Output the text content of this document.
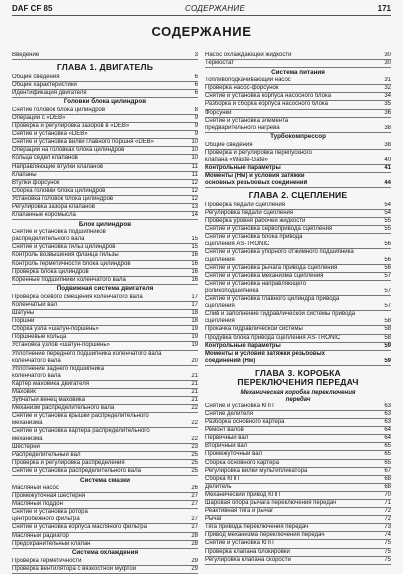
DAF CF 85	СОДЕРЖАНИЕ	171
СОДЕРЖАНИЕ
Введение	3
ГЛАВА 1. ДВИГАТЕЛЬ
Общие сведения	6
Общие характеристики	6
Идентификация двигателя	6
Головки блока цилиндров
Снятие головок блока цилиндров	8
Операции с «DEB»	9
Проверка и регулировка зазоров в «DEB»	9
Снятие и установка «DEB»	9
Снятие и установка вилки главного поршня «DEB»	10
Операции на головках блока цилиндров	10
Кольца сёдел клапанов	10
Направляющие втулки клапанов	11
Клапаны	11
Втулки форсунок	12
Сборка головки блока цилиндров	12
Установка головок блока цилиндров	12
Регулировка зазора клапанов	13
Клапанные коромысла	14
Блок цилиндров
Снятие и установка подшипников
распределительного вала	15
Снятие и установка гильз цилиндров	15
Контроль возвышения фланца гильзы	16
Контроль герметичности блока цилиндров	16
Проверка блока цилиндров	16
Коренные подшипники коленчатого вала	16
Подвижная система двигателя
Проверка осевого смещения коленчатого вала	17
Коленчатый вал	17
Шатуны	18
Поршни	18
Сборка узла «шатун-поршень»	19
Поршневые кольца	19
Установка узлов «шатун-поршень»	19
Уплотнение переднего подшипника коленчатого вала
коленчатого вала	20
Уплотнение заднего подшипника
коленчатого вала	21
Картер маховика двигателя	21
Маховик	21
Зубчатый венец маховика	21
Механизм распределительного вала	22
Снятие и установка крышки распределительного
механизма	22
Снятие и установка картера распределительного
механизма	22
Шестерни	23
Распределительный вал	25
Проверка и регулировка распределения	25
Снятие и установка распределительного вала	25
Система смазки
Масляный насос	26
Промежуточная шестерня	27
Масляный поддон	27
Снятие и установка ротора
центробежного фильтра	27
Снятие и установка корпуса масляного фильтра	27
Масляный радиатор	28
Предохранительный клапан	28
Система охлаждения
Проверка герметичности	29
Проверка вентилятора с вязкостной муфтой	29
Насос охлаждающей жидкости	30
Термостат	30
Система питания
Топливоподкачивающий насос	31
Проверка насос-форсунок	32
Снятие и установка корпуса насосного блока	34
Разборка и сборка корпуса насосного блока	35
Форсунки	36
Снятие и установка элемента
предварительного нагрева	38
Турбокомпрессор
Общие сведения	38
Проверка и регулировка перепускного
клапана «Waste-Gate»	40
Контрольные параметры	41
Моменты (Нм) и условия затяжки
основных резьбовых соединений	44
ГЛАВА 2. СЦЕПЛЕНИЕ
Проверка педали сцепления	54
Регулировка педали сцепления	54
Проверка уровня рабочей жидкости	55
Снятие и установка сервопривода сцепления	55
Снятие и установка блока привода
сцепления AS-TRONIC	56
Снятие и установка упорного отжимного подшипника
сцепления	56
Снятие и установка рычага привода сцепления	56
Снятие и установка механизма сцепления	57
Снятие и установка направляющего
роликоподшипника	57
Снятие и установка главного цилиндра привода
сцепления	57
Слив и заполнение гидравлической системы привода
сцепления	58
Прокачка гидравлической системы	58
Продувка блока привода сцепления AS-TRONIC	58
Контрольные параметры	59
Моменты и условия затяжки резьбовых
соединений (Нм)	59
ГЛАВА 3. КОРОБКА
ПЕРЕКЛЮЧЕНИЯ ПЕРЕДАЧ
Механическая коробка переключения
передач
Снятие и установка КПП	63
Снятие делителя	63
Разборка основного картера	63
Ремонт валов	64
Первичный вал	64
Вторичный вал	65
Промежуточный вал	65
Сборка основного картера	65
Регулировка вилки мультипликатора	67
Сборка КПП	68
Делитель	68
Механический привод КПП	70
Шаровая опора рычага переключения передач	71
Реактивная тяга и рычаг	72
Рычаг	72
Тяга привода переключения передач	73
Привод механизма переключения передач	74
Снятие и установка КПП	75
Проверка клапана блокировки	75
Регулировка клапана скорости	75
